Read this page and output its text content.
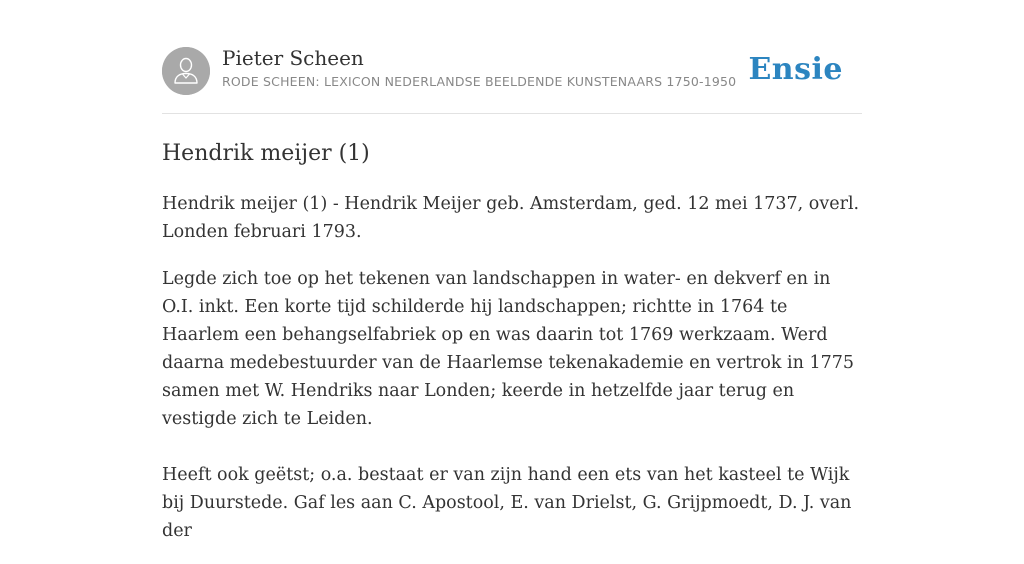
Pieter Scheen
RODE SCHEEN: LEXICON NEDERLANDSE BEELDENDE KUNSTENAARS 1750-1950 Ensie
Hendrik meijer (1)

Hendrik meijer (1) - Hendrik Meijer geb. Amsterdam, ged. 12 mei 1737, overl. Londen februari 1793.

Legde zich toe op het tekenen van landschappen in water- en dekverf en in O.I. inkt. Een korte tijd schilderde hij landschappen; richtte in 1764 te Haarlem een behangselfabriek op en was daarin tot 1769 werkzaam. Werd daarna medebestuurder van de Haarlemse tekenakademie en vertrok in 1775 samen met W. Hendriks naar Londen; keerde in hetzelfde jaar terug en vestigde zich te Leiden.

Heeft ook geëtst; o.a. bestaat er van zijn hand een ets van het kasteel te Wijk bij Duurstede. Gaf les aan C. Apostool, E. van Drielst, G. Grijpmoedt, D. J. van der
